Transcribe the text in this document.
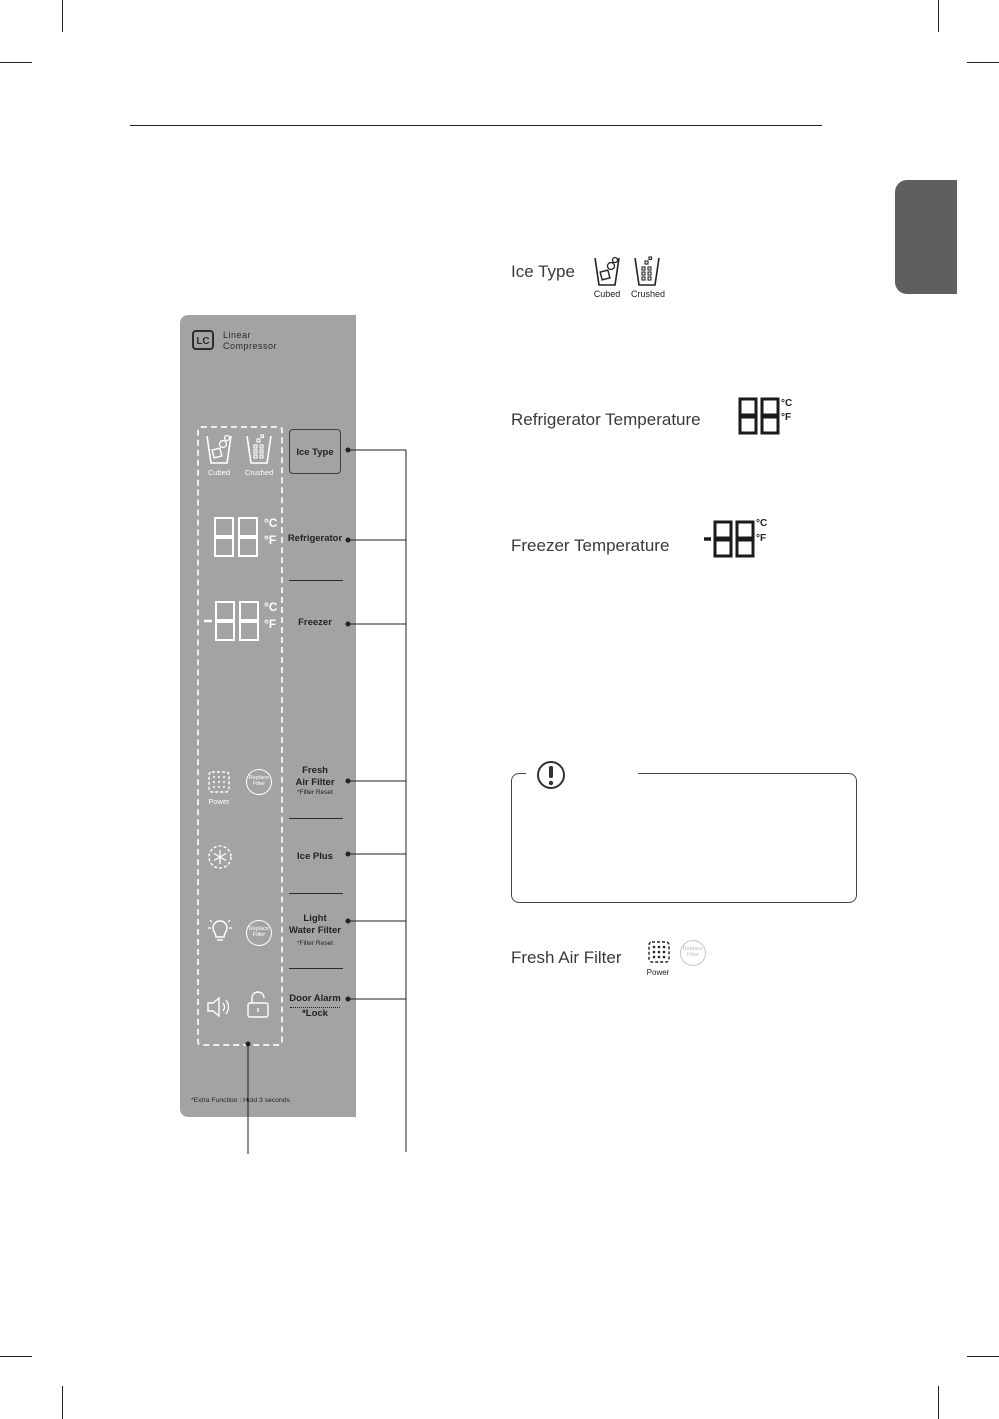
LC
Linear
Compressor
Cubed	Crushed
Ice Type
°C
°F Refrigerator
°C
°F	Freezer
Power
Replace
Filter
Fresh
Air Filter
*Filter Reset
Ice Plus
Replace
Filter
Light
Water Filter
*Filter Reset
Door Alarm
*Lock
*Extra Function : Hold 3 seconds
Ice Type
Cubed	Crushed
Refrigerator Temperature
°C
°F
Freezer Temperature
°C
°F
Fresh Air Filter
Power
Replace
Filter
